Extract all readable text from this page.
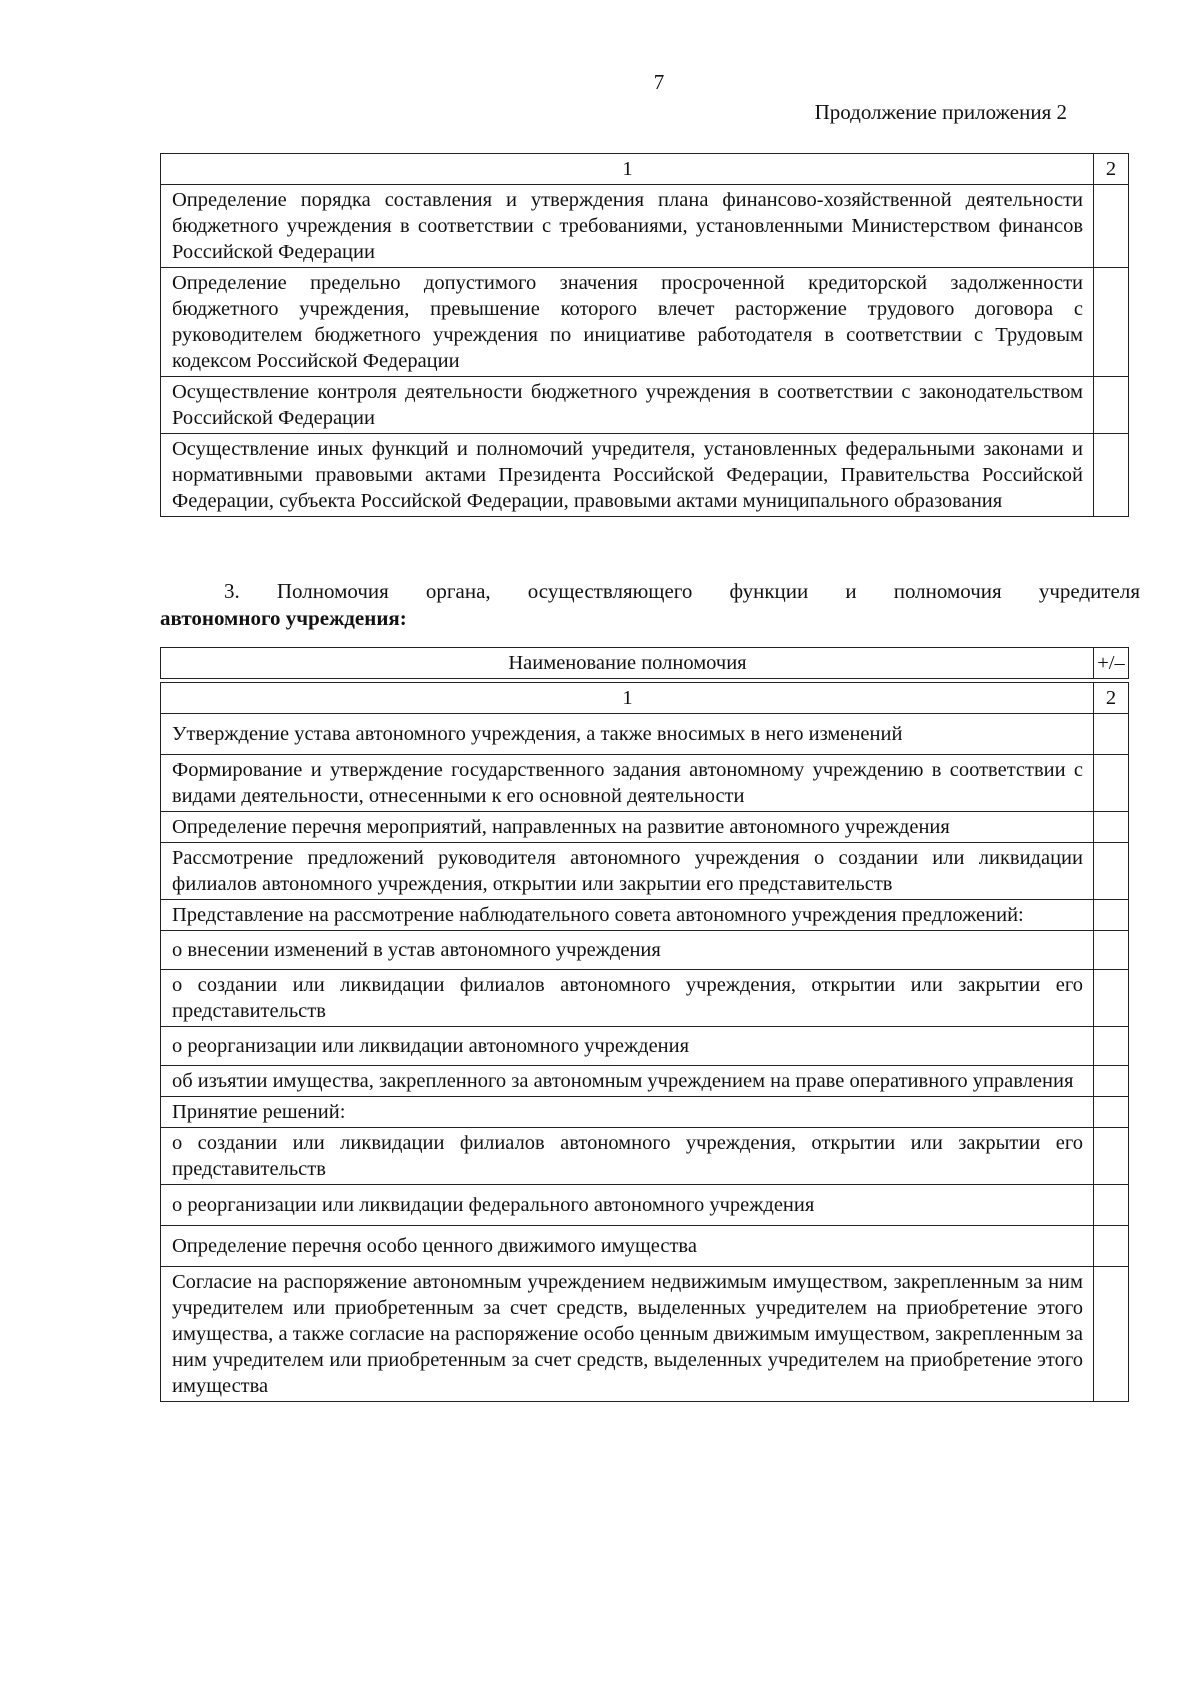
7
Продолжение приложения 2
1	2
Определение порядка составления и утверждения плана финансово-хозяйственной деятельности бюджетного учреждения в соответствии с требованиями, установленными Министерством финансов Российской Федерации	
Определение предельно допустимого значения просроченной кредиторской задолженности бюджетного учреждения, превышение которого влечет расторжение трудового договора с руководителем бюджетного учреждения по инициативе работодателя в соответствии с Трудовым кодексом Российской Федерации	
Осуществление контроля деятельности бюджетного учреждения в соответствии с законодательством Российской Федерации	
Осуществление иных функций и полномочий учредителя, установленных федеральными законами и нормативными правовыми актами Президента Российской Федерации, Правительства Российской Федерации, субъекта Российской Федерации, правовыми актами муниципального образования	
3. Полномочия органа, осуществляющего функции и полномочия учредителя
автономного учреждения:
Наименование полномочия	+/–

1	2
Утверждение устава автономного учреждения, а также вносимых в него изменений	
Формирование и утверждение государственного задания автономному учреждению в соответствии с видами деятельности, отнесенными к его основной деятельности	
Определение перечня мероприятий, направленных на развитие автономного учреждения	
Рассмотрение предложений руководителя автономного учреждения о создании или ликвидации филиалов автономного учреждения, открытии или закрытии его представительств	
Представление на рассмотрение наблюдательного совета автономного учреждения предложений:	
о внесении изменений в устав автономного учреждения	
о создании или ликвидации филиалов автономного учреждения, открытии или закрытии его представительств	
о реорганизации или ликвидации автономного учреждения	
об изъятии имущества, закрепленного за автономным учреждением на праве оперативного управления	
Принятие решений:	
о создании или ликвидации филиалов автономного учреждения, открытии или закрытии его представительств	
о реорганизации или ликвидации федерального автономного учреждения	
Определение перечня особо ценного движимого имущества	
Согласие на распоряжение автономным учреждением недвижимым имуществом, закрепленным за ним учредителем или приобретенным за счет средств, выделенных учредителем на приобретение этого имущества, а также согласие на распоряжение особо ценным движимым имуществом, закрепленным за ним учредителем или приобретенным за счет средств, выделенных учредителем на приобретение этого имущества	
